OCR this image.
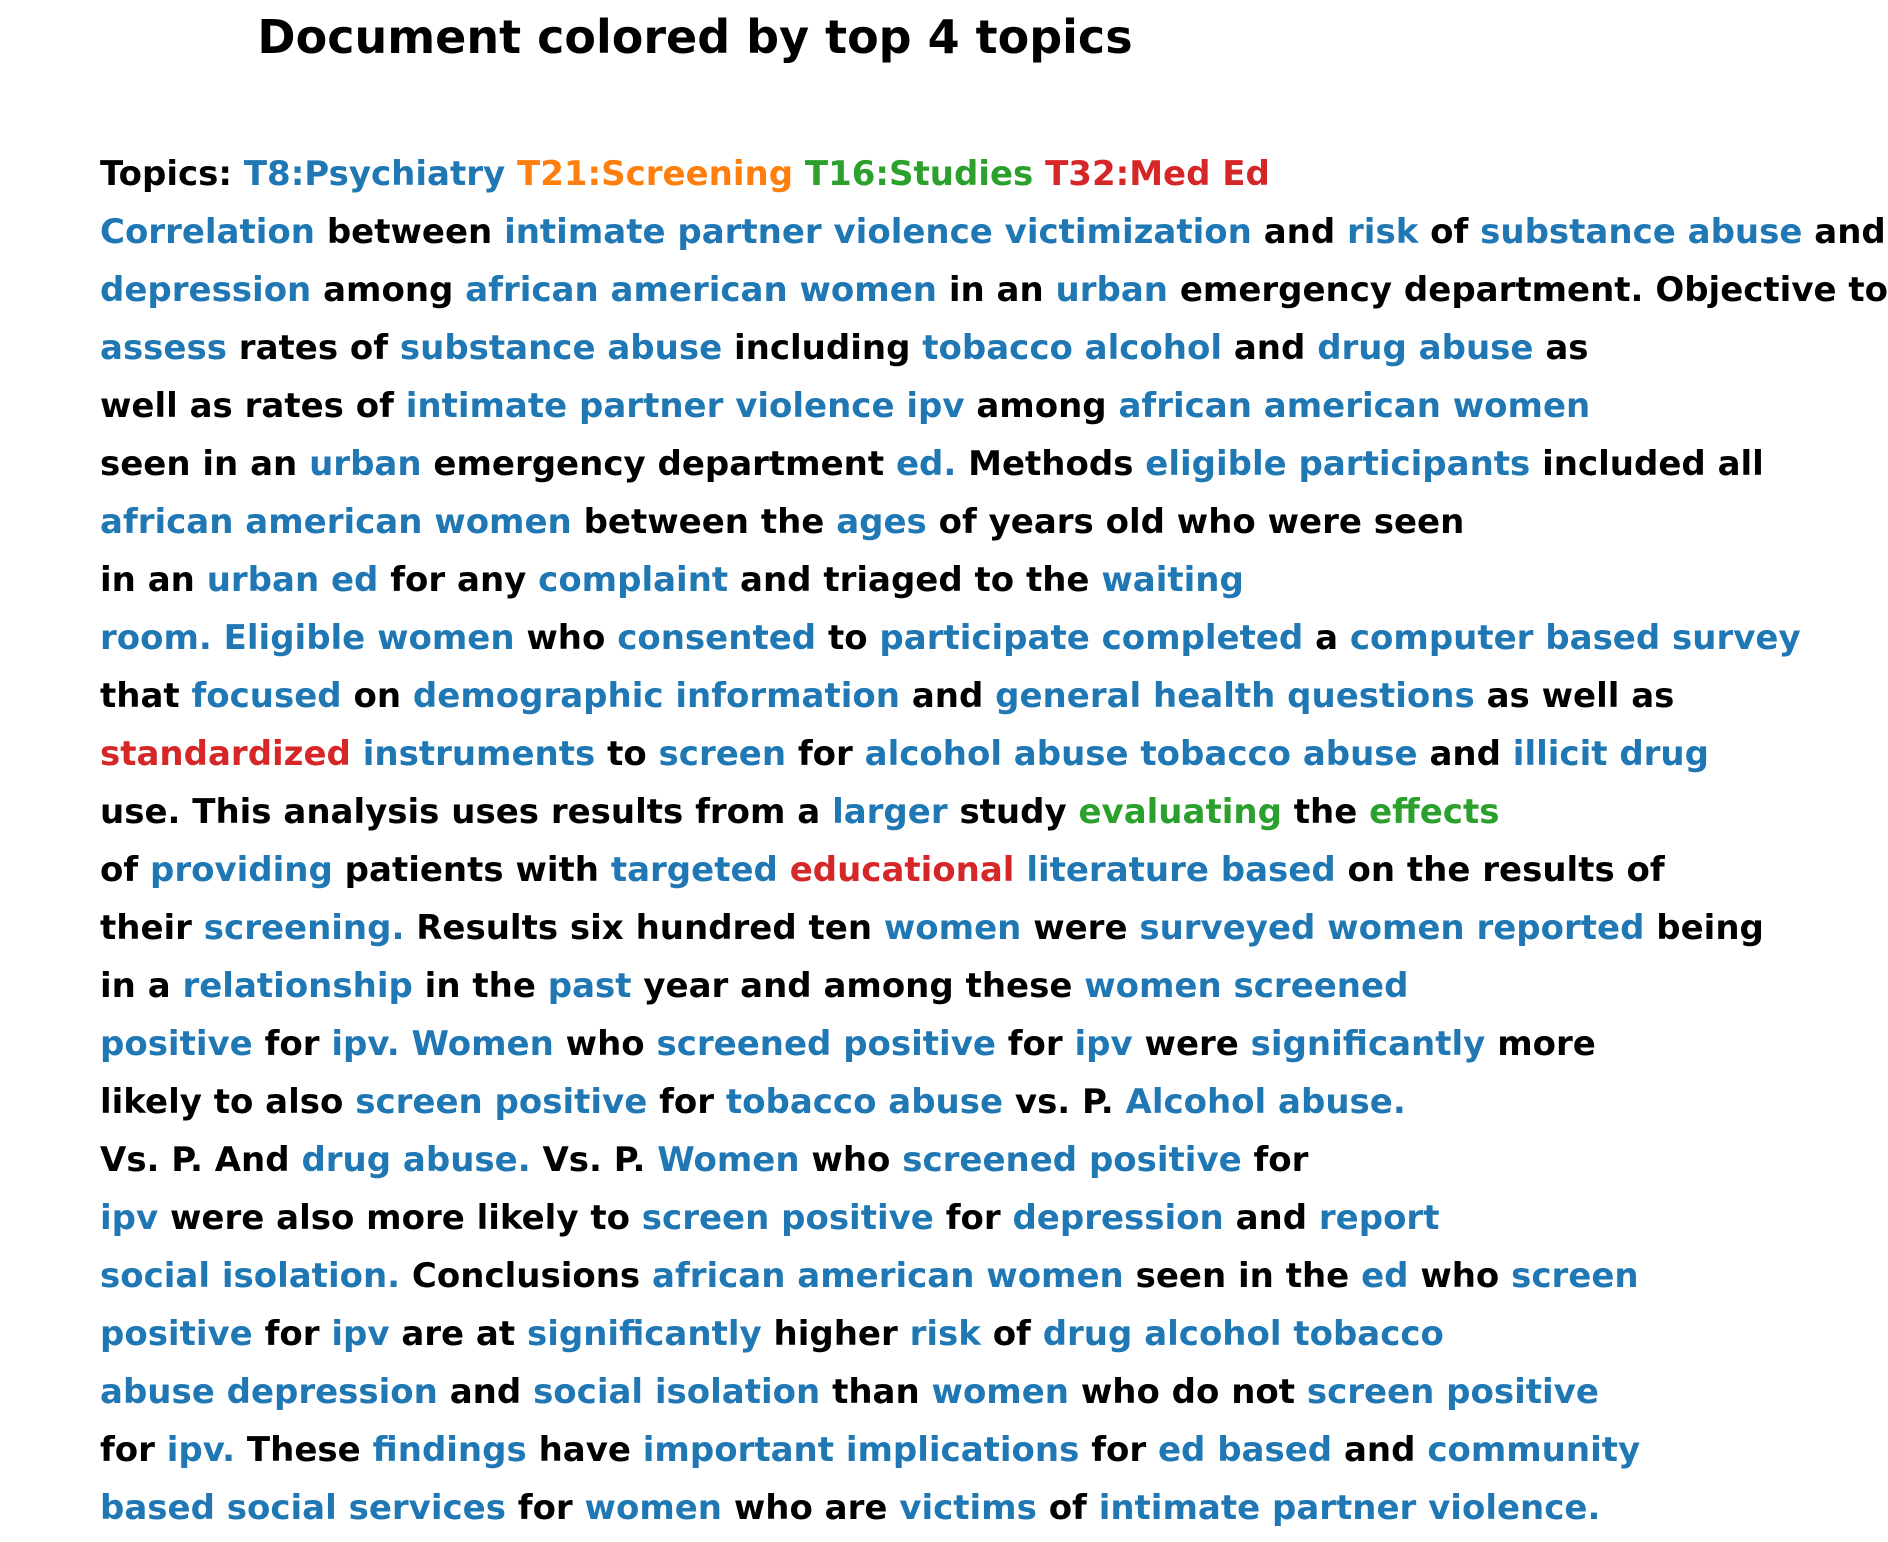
Document colored by top 4 topics
Topics: T8:Psychiatry T21:Screening T16:Studies T32:Med Ed
Correlation between intimate partner violence victimization and risk of substance abuse and
depression among african american women in an urban emergency department. Objective to
assess rates of substance abuse including tobacco alcohol and drug abuse as
well as rates of intimate partner violence ipv among african american women
seen in an urban emergency department ed. Methods eligible participants included all
african american women between the ages of years old who were seen
in an urban ed for any complaint and triaged to the waiting
room. Eligible women who consented to participate completed a computer based survey
that focused on demographic information and general health questions as well as
standardized instruments to screen for alcohol abuse tobacco abuse and illicit drug
use. This analysis uses results from a larger study evaluating the effects
of providing patients with targeted educational literature based on the results of
their screening. Results six hundred ten women were surveyed women reported being
in a relationship in the past year and among these women screened
positive for ipv. Women who screened positive for ipv were significantly more
likely to also screen positive for tobacco abuse vs. P. Alcohol abuse.
Vs. P. And drug abuse. Vs. P. Women who screened positive for
ipv were also more likely to screen positive for depression and report
social isolation. Conclusions african american women seen in the ed who screen
positive for ipv are at significantly higher risk of drug alcohol tobacco
abuse depression and social isolation than women who do not screen positive
for ipv. These findings have important implications for ed based and community
based social services for women who are victims of intimate partner violence.
